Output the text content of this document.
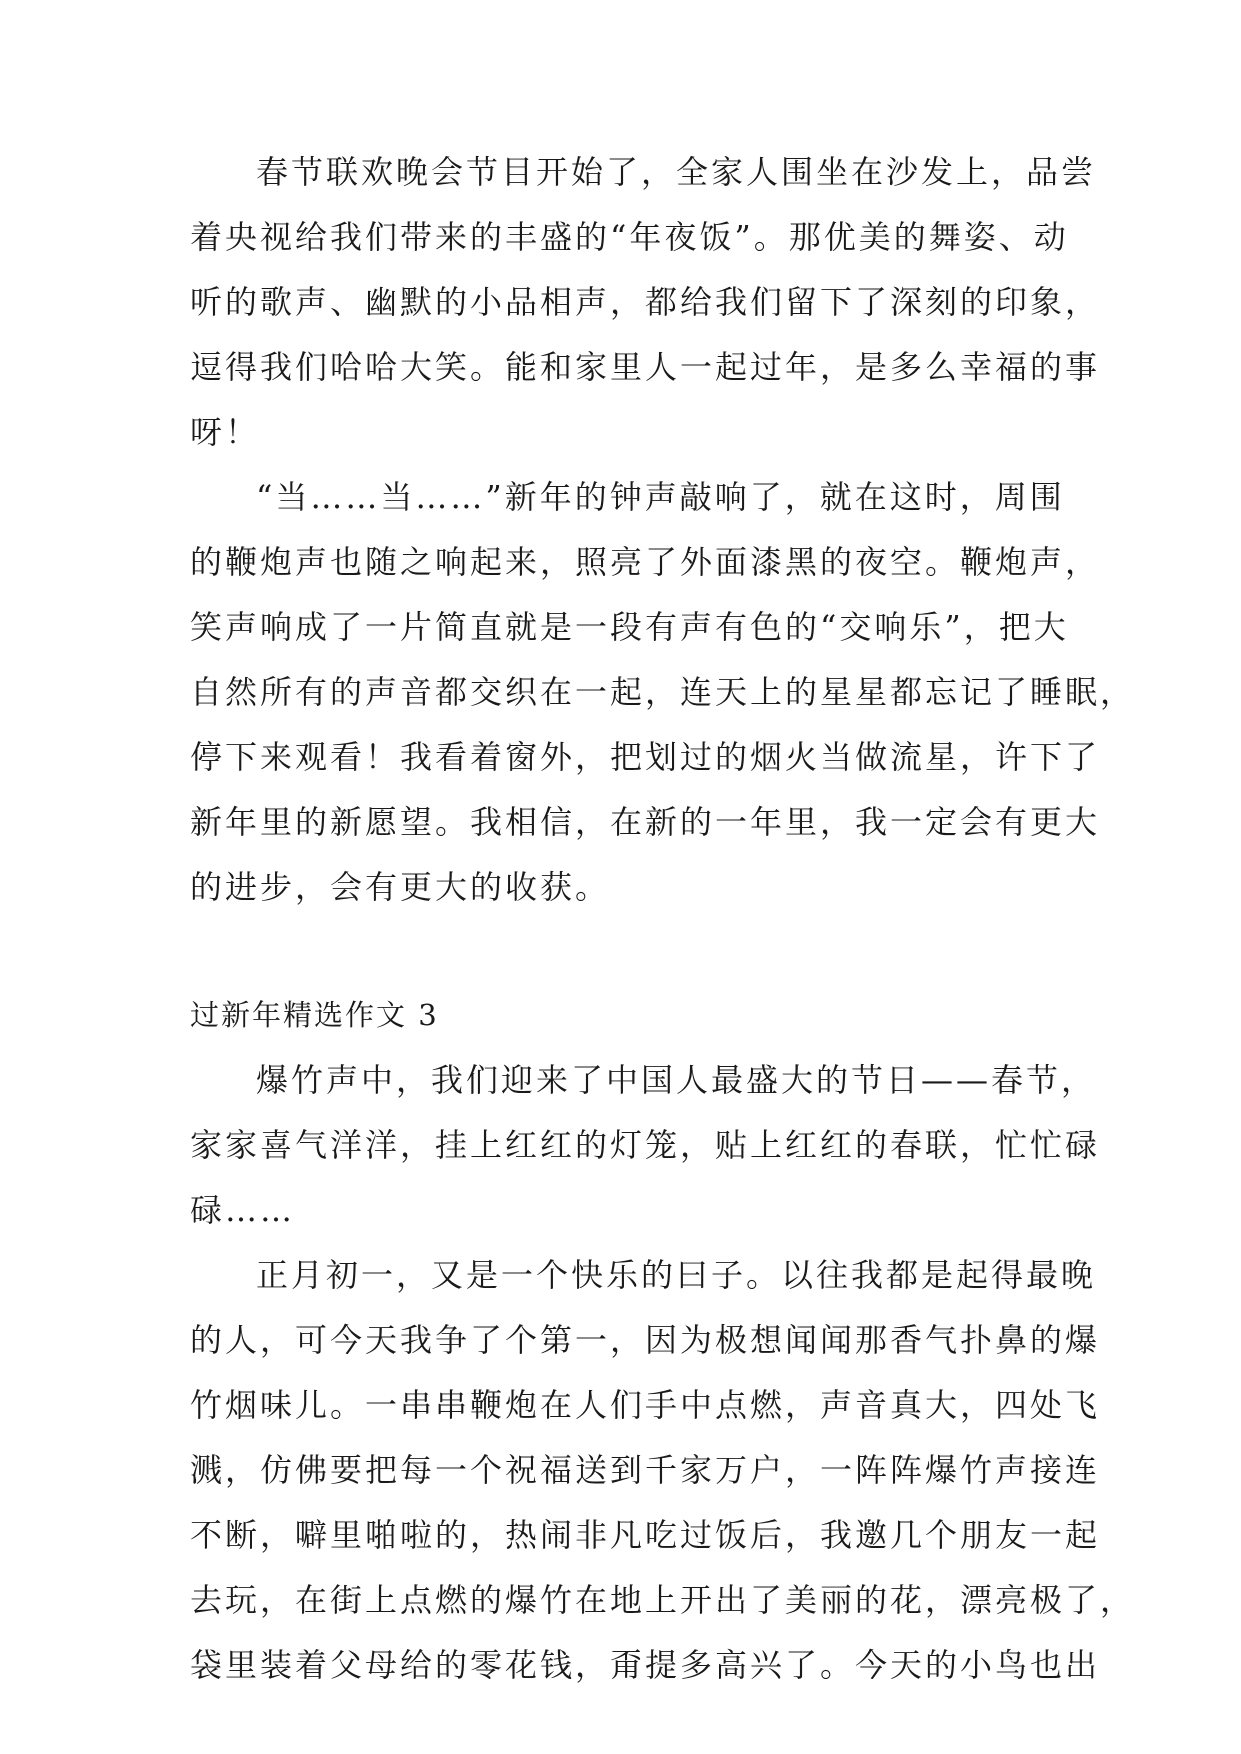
春节联欢晚会节目开始了，全家人围坐在沙发上，品尝
着央视给我们带来的丰盛的“年夜饭”。那优美的舞姿、动
听的歌声、幽默的小品相声，都给我们留下了深刻的印象，
逗得我们哈哈大笑。能和家里人一起过年，是多么幸福的事
呀！
“当……当……”新年的钟声敲响了，就在这时，周围
的鞭炮声也随之响起来，照亮了外面漆黑的夜空。鞭炮声，
笑声响成了一片简直就是一段有声有色的“交响乐”，把大
自然所有的声音都交织在一起，连天上的星星都忘记了睡眠，
停下来观看！我看着窗外，把划过的烟火当做流星，许下了
新年里的新愿望。我相信，在新的一年里，我一定会有更大
的进步，会有更大的收获。
过新年精选作文 3
爆竹声中，我们迎来了中国人最盛大的节日——春节，
家家喜气洋洋，挂上红红的灯笼，贴上红红的春联，忙忙碌
碌……
正月初一，又是一个快乐的曰子。以往我都是起得最晚
的人，可今天我争了个第一，因为极想闻闻那香气扑鼻的爆
竹烟味儿。一串串鞭炮在人们手中点燃，声音真大，四处飞
溅，仿佛要把每一个祝福送到千家万户，一阵阵爆竹声接连
不断，噼里啪啦的，热闹非凡吃过饭后，我邀几个朋友一起
去玩，在街上点燃的爆竹在地上开出了美丽的花，漂亮极了，
袋里装着父母给的零花钱，甭提多高兴了。今天的小鸟也出
